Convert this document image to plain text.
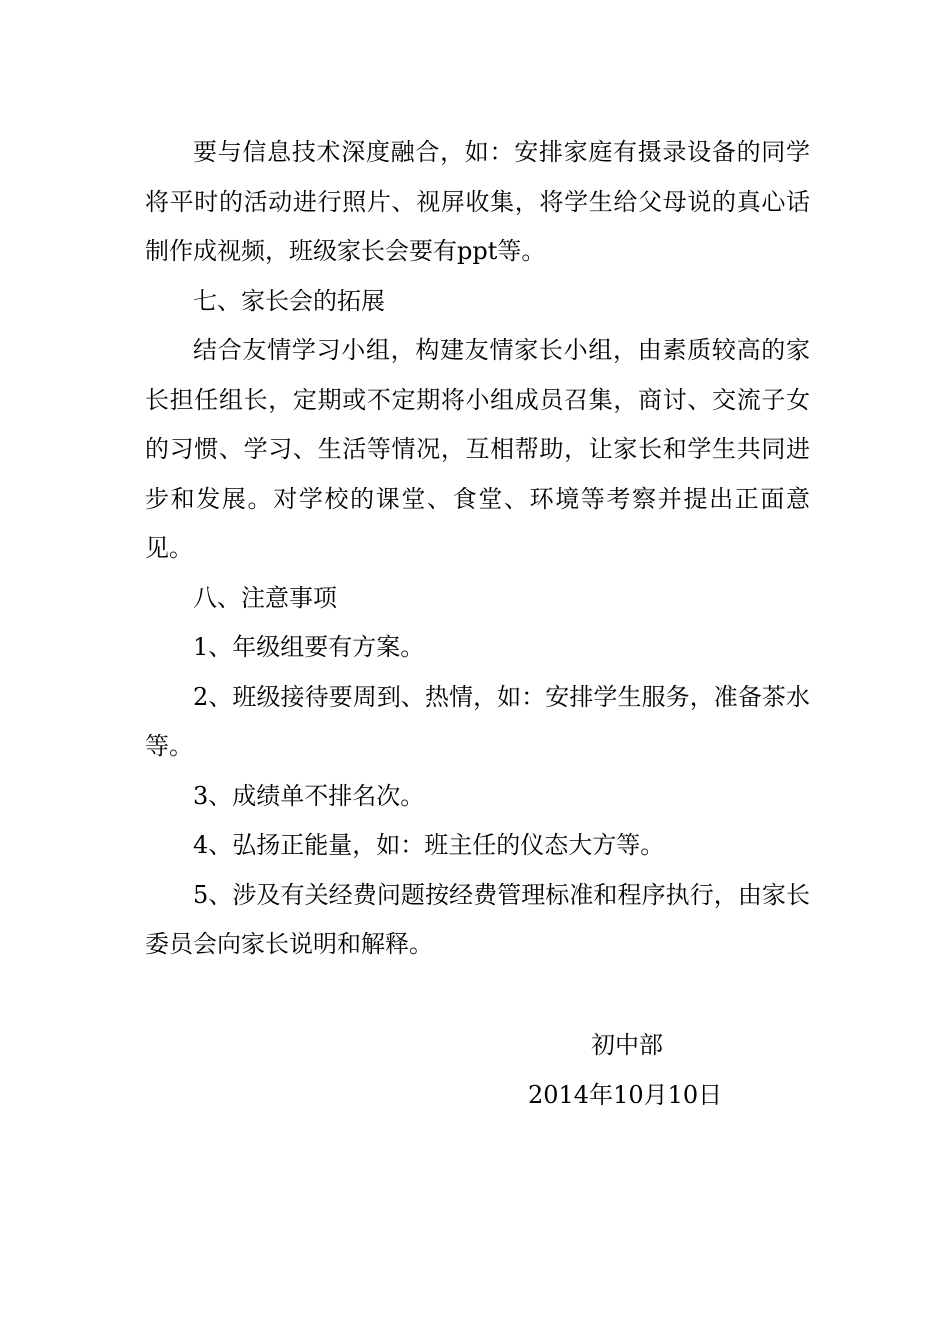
要与信息技术深度融合，如：安排家庭有摄录设备的同学将平时的活动进行照片、视屏收集，将学生给父母说的真心话制作成视频，班级家长会要有ppt等。

七、家长会的拓展

结合友情学习小组，构建友情家长小组，由素质较高的家长担任组长，定期或不定期将小组成员召集，商讨、交流子女的习惯、学习、生活等情况，互相帮助，让家长和学生共同进步和发展。对学校的课堂、食堂、环境等考察并提出正面意见。

八、注意事项

1、年级组要有方案。

2、班级接待要周到、热情，如：安排学生服务，准备茶水等。

3、成绩单不排名次。

4、弘扬正能量，如：班主任的仪态大方等。

5、涉及有关经费问题按经费管理标准和程序执行，由家长委员会向家长说明和解释。

初中部
2014年10月10日
